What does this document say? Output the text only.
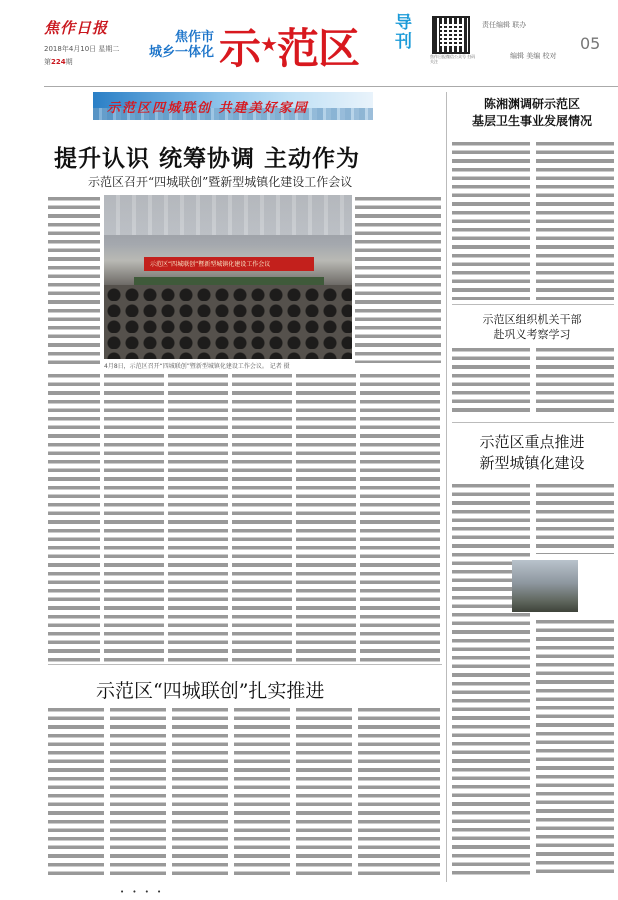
焦作日报
2018年4月10日 星期二
第224期
焦作市
城乡一体化 示★范区
导刊
焦作日报微信公众号 扫码关注
责任编辑 联办
05
编辑 美编 校对
示范区四城联创 共建美好家园
提升认识 统筹协调 主动作为
示范区召开“四城联创”暨新型城镇化建设工作会议
示范区“四城联创”暨新型城镇化建设工作会议
4月8日，示范区召开“四城联创”暨新型城镇化建设工作会议。 记者 摄
示范区“四城联创”扎实推进
陈湘渊调研示范区
基层卫生事业发展情况
示范区组织机关干部
赴巩义考察学习
示范区重点推进
新型城镇化建设
• • • •
